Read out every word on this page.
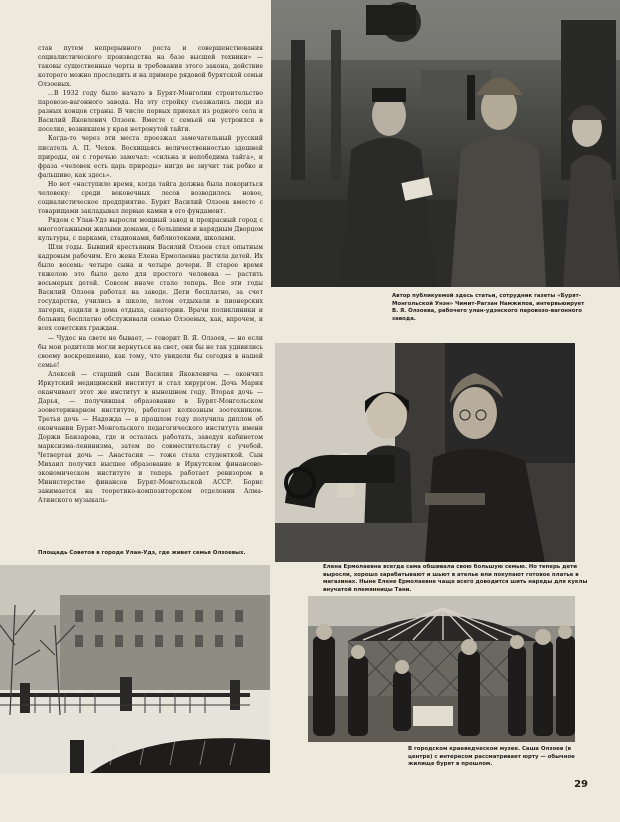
став путем непрерывного роста и совершенствования социалистического производства на базе высшей техники» — таковы существенные черты и требования этого закона, действие которого можно проследить и на примере рядовой бурятской семьи Олзоевых.

...В 1932 году было начато в Бурят-Монголии строительство паровозо-вагонного завода. На эту стройку съезжались люди из разных концов страны. В числе первых приехал из родного села и Василий Яковлевич Олзоев. Вместе с семьей он устроился в поселке, возникшем у края нетронутой тайги.

Когда-то через эти места проезжал замечательный русский писатель А. П. Чехов. Восхищаясь величественностью здешней природы, он с горечью замечал: «сильна и непобедима тайга», и фраза «человек есть царь природы» нигде не звучит так робко и фальшиво, как здесь».

Но вот «наступило время, когда тайга должна была покориться человеку: среди вековечных лесов возводилось новое, социалистическое предприятие. Бурят Василий Олзоев вместе с товарищами закладывал первые камни в его фундамент.

Рядом с Улан-Удэ выросли мощный завод и прекрасный город с многоэтажными жилыми домами, с большими и нарядным Дворцом культуры, с парками, стадионами, библиотеками, школами.

Шли годы. Бывший крестьянин Василий Олзоев стал опытным кадровым рабочим. Его жена Елена Ермолаевна растила детей. Их было восемь: четыре сына и четыре дочери. В старое время тяжелою это было дело для простого человека — растить восьмерых детей. Совсем иначе стало теперь. Все эти годы Василий Олзоев работал на заводе. Дети бесплатно, за счет государства, учились в школе, летом отдыхали в пионерских лагерях, ездили в дома отдыха, санатории. Врачи поликлиники и больниц бесплатно обслуживали семью Олзоевых, как, впрочем, и всех советских граждан.

— Чудес на свете не бывает, — говорит В. Я. Олзоев, — но если бы мои родители могли вернуться на свет, они бы не так удивились своему воскрешению, как тому, что увидели бы сегодня в нашей семье!

Алексей — старший сын Василия Яковлевича — окончил Иркутский медицинский институт и стал хирургом. Дочь Мария оканчивает этот же институт в нынешнем году. Вторая дочь — Дарья, — получившая образование в Бурят-Монгольском зооветеринарном институте, работает колхозным зоотехником. Третья дочь — Надежда — в прошлом году получила диплом об окончании Бурят-Монгольского педагогического института имени Доржи Банзарова, где и осталась работать, заведуя кабинетом марксизма-ленинизма, затем по совместительству с учебой. Четвертая дочь — Анастасия — тоже стала студенткой. Сын Михаил получил высшее образование в Иркутском финансово-экономическом институте и теперь работает ревизором в Министерстве финансов Бурят-Монгольской АССР. Борис занимается на теоретико-композиторском отделении Алма-Атинского музыкаль-

Автор публикуемой здесь статьи, сотрудник газеты «Бурят-Монгольской Унэн» Чимит-Рагзан Намжилов, интервьюирует В. Я. Олзоева, рабочего улан-удэнского паровозо-вагонного завода.

Елена Ермолаевна всегда сама обшивала свою большую семью. Но теперь дети выросли, хорошо зарабатывают и шьют в ателье или покупают готовое платье в магазинах. Ныне Елене Ермолаевне чаще всего доводится шить наряды для куклы внучатой племянницы Тани.

Площадь Советов в городе Улан-Удэ, где живет семья Олзоевых.

В городском краеведческом музее. Саша Олзоев (в центре) с интересом рассматривает юрту — обычное жилище бурят в прошлом.

29
